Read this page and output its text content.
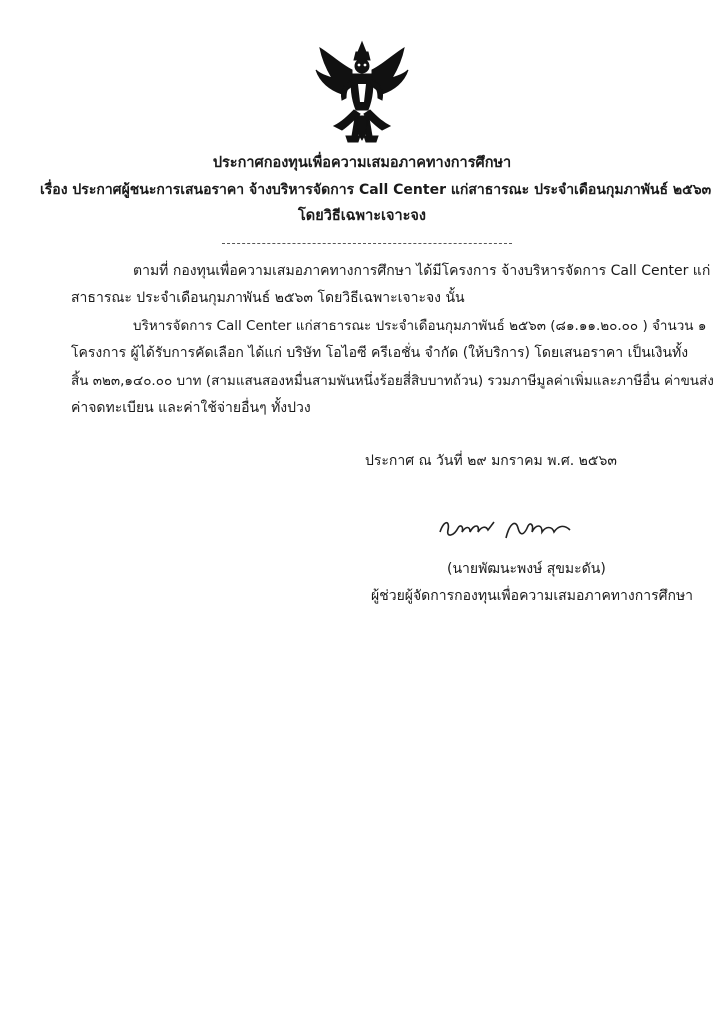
ประกาศกองทุนเพื่อความเสมอภาคทางการศึกษา
เรื่อง ประกาศผู้ชนะการเสนอราคา จ้างบริหารจัดการ Call Center แก่สาธารณะ ประจำเดือนกุมภาพันธ์ ๒๕๖๓
โดยวิธีเฉพาะเจาะจง
ตามที่ กองทุนเพื่อความเสมอภาคทางการศึกษา ได้มีโครงการ จ้างบริหารจัดการ Call Center แก่
สาธารณะ ประจำเดือนกุมภาพันธ์ ๒๕๖๓ โดยวิธีเฉพาะเจาะจง นั้น
บริหารจัดการ Call Center แก่สาธารณะ ประจำเดือนกุมภาพันธ์ ๒๕๖๓ (๘๑.๑๑.๒๐.๐๐ ) จำนวน ๑
โครงการ ผู้ได้รับการคัดเลือก ได้แก่ บริษัท โอไอซี ครีเอชั่น จำกัด (ให้บริการ) โดยเสนอราคา เป็นเงินทั้ง
สิ้น ๓๒๓,๑๔๐.๐๐ บาท (สามแสนสองหมื่นสามพันหนึ่งร้อยสี่สิบบาทถ้วน) รวมภาษีมูลค่าเพิ่มและภาษีอื่น ค่าขนส่ง
ค่าจดทะเบียน และค่าใช้จ่ายอื่นๆ ทั้งปวง
ประกาศ ณ วันที่ ๒๙ มกราคม พ.ศ. ๒๕๖๓
(นายพัฒนะพงษ์ สุขมะดัน)
ผู้ช่วยผู้จัดการกองทุนเพื่อความเสมอภาคทางการศึกษา
